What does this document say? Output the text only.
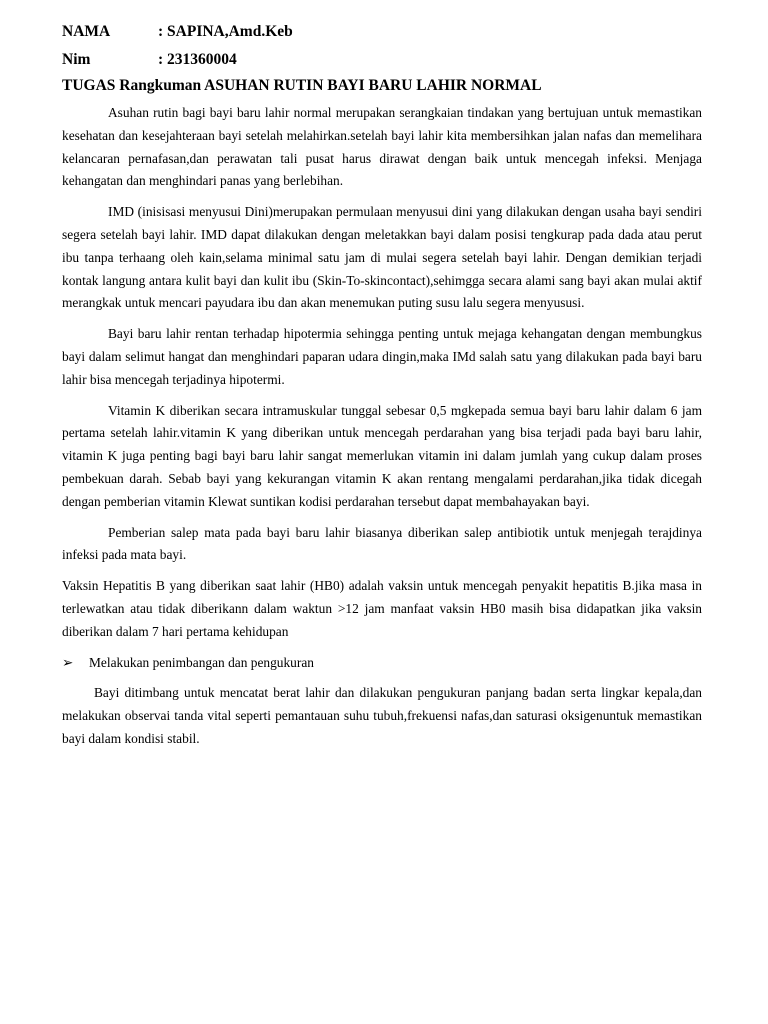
NAMA	: SAPINA,Amd.Keb
Nim	: 231360004
TUGAS Rangkuman ASUHAN RUTIN BAYI BARU LAHIR NORMAL

Asuhan rutin bagi bayi baru lahir normal merupakan serangkaian tindakan yang bertujuan untuk memastikan kesehatan dan kesejahteraan bayi setelah melahirkan.setelah bayi lahir kita membersihkan jalan nafas dan memelihara kelancaran pernafasan,dan perawatan tali pusat harus dirawat dengan baik untuk mencegah infeksi. Menjaga kehangatan dan menghindari panas yang berlebihan.

IMD (inisisasi menyusui Dini)merupakan permulaan menyusui dini yang dilakukan dengan usaha bayi sendiri segera setelah bayi lahir. IMD dapat dilakukan dengan meletakkan bayi dalam posisi tengkurap pada dada atau perut ibu tanpa terhaang oleh kain,selama minimal satu jam di mulai segera setelah bayi lahir. Dengan demikian terjadi kontak langung antara kulit bayi dan kulit ibu (Skin-To-skincontact),sehimgga secara alami sang bayi akan mulai aktif merangkak untuk mencari payudara ibu dan akan menemukan puting susu lalu segera menyususi.

Bayi baru lahir rentan terhadap hipotermia sehingga penting untuk mejaga kehangatan dengan membungkus bayi dalam selimut hangat dan menghindari paparan udara dingin,maka IMd salah satu yang dilakukan pada bayi baru lahir bisa mencegah terjadinya hipotermi.

Vitamin K diberikan secara intramuskular tunggal sebesar 0,5 mgkepada semua bayi baru lahir dalam 6 jam pertama setelah lahir.vitamin K yang diberikan untuk mencegah perdarahan yang bisa terjadi pada bayi baru lahir, vitamin K juga penting bagi bayi baru lahir sangat memerlukan vitamin ini dalam jumlah yang cukup dalam proses pembekuan darah. Sebab bayi yang kekurangan vitamin K akan rentang mengalami perdarahan,jika tidak dicegah dengan pemberian vitamin Klewat suntikan kodisi perdarahan tersebut dapat membahayakan bayi.

Pemberian salep mata pada bayi baru lahir biasanya diberikan salep antibiotik untuk menjegah terajdinya infeksi pada mata bayi.

Vaksin Hepatitis B yang diberikan saat lahir (HB0) adalah vaksin untuk mencegah penyakit hepatitis B.jika masa in terlewatkan atau tidak diberikann dalam waktun >12 jam manfaat vaksin HB0 masih bisa didapatkan jika vaksin diberikan dalam 7 hari pertama kehidupan

➢	Melakukan penimbangan dan pengukuran

Bayi ditimbang untuk mencatat berat lahir dan dilakukan pengukuran panjang badan serta lingkar kepala,dan melakukan observai tanda vital seperti pemantauan suhu tubuh,frekuensi nafas,dan saturasi oksigenuntuk memastikan bayi dalam kondisi stabil.
